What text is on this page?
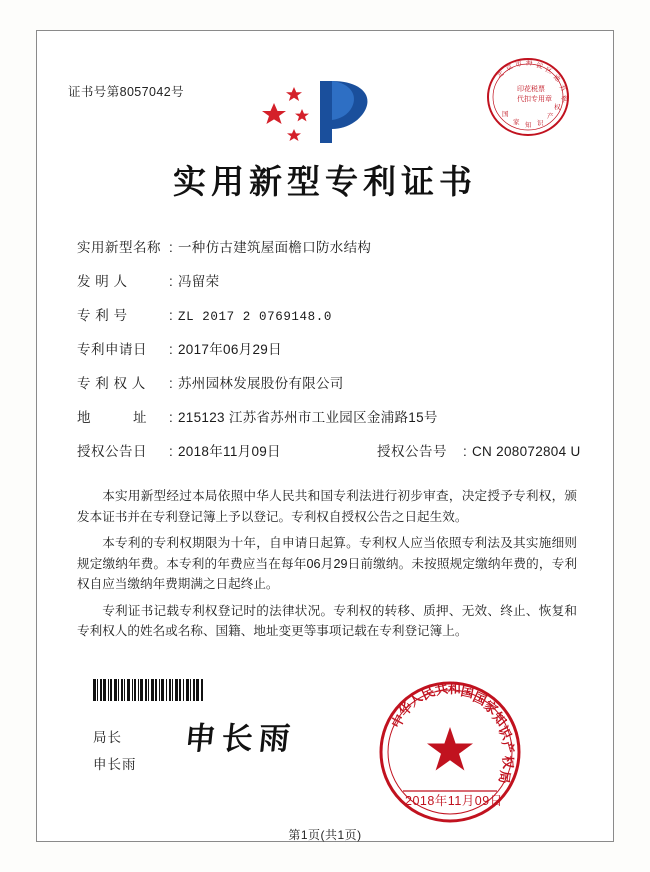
证书号第8057042号
北
京 市 海 淀 区
地
方
税
印花税票
代扣专用章
国
家 知 识
产
权
实用新型专利证书
实用新型名称 : 一种仿古建筑屋面檐口防水结构
发 明 人	: 冯留荣
专 利 号	: ZL 2017 2 0769148.0
专利申请日 : 2017年06月29日
专 利 权 人 : 苏州园林发展股份有限公司
地　　　址 : 215123 江苏省苏州市工业园区金浦路15号
授权公告日 : 2018年11月09日	授权公告号 : CN 208072804 U
本实用新型经过本局依照中华人民共和国专利法进行初步审查，决定授予专利权，颁发本证书并在专利登记簿上予以登记。专利权自授权公告之日起生效。
本专利的专利权期限为十年，自申请日起算。专利权人应当依照专利法及其实施细则规定缴纳年费。本专利的年费应当在每年06月29日前缴纳。未按照规定缴纳年费的，专利权自应当缴纳年费期满之日起终止。
专利证书记载专利权登记时的法律状况。专利权的转移、质押、无效、终止、恢复和专利权人的姓名或名称、国籍、地址变更等事项记载在专利登记簿上。
局长
申长雨
申长雨	中
华
人
民
共
和
国
国
家
知
识
产
权
局
2018年11月09日
第1页(共1页)
